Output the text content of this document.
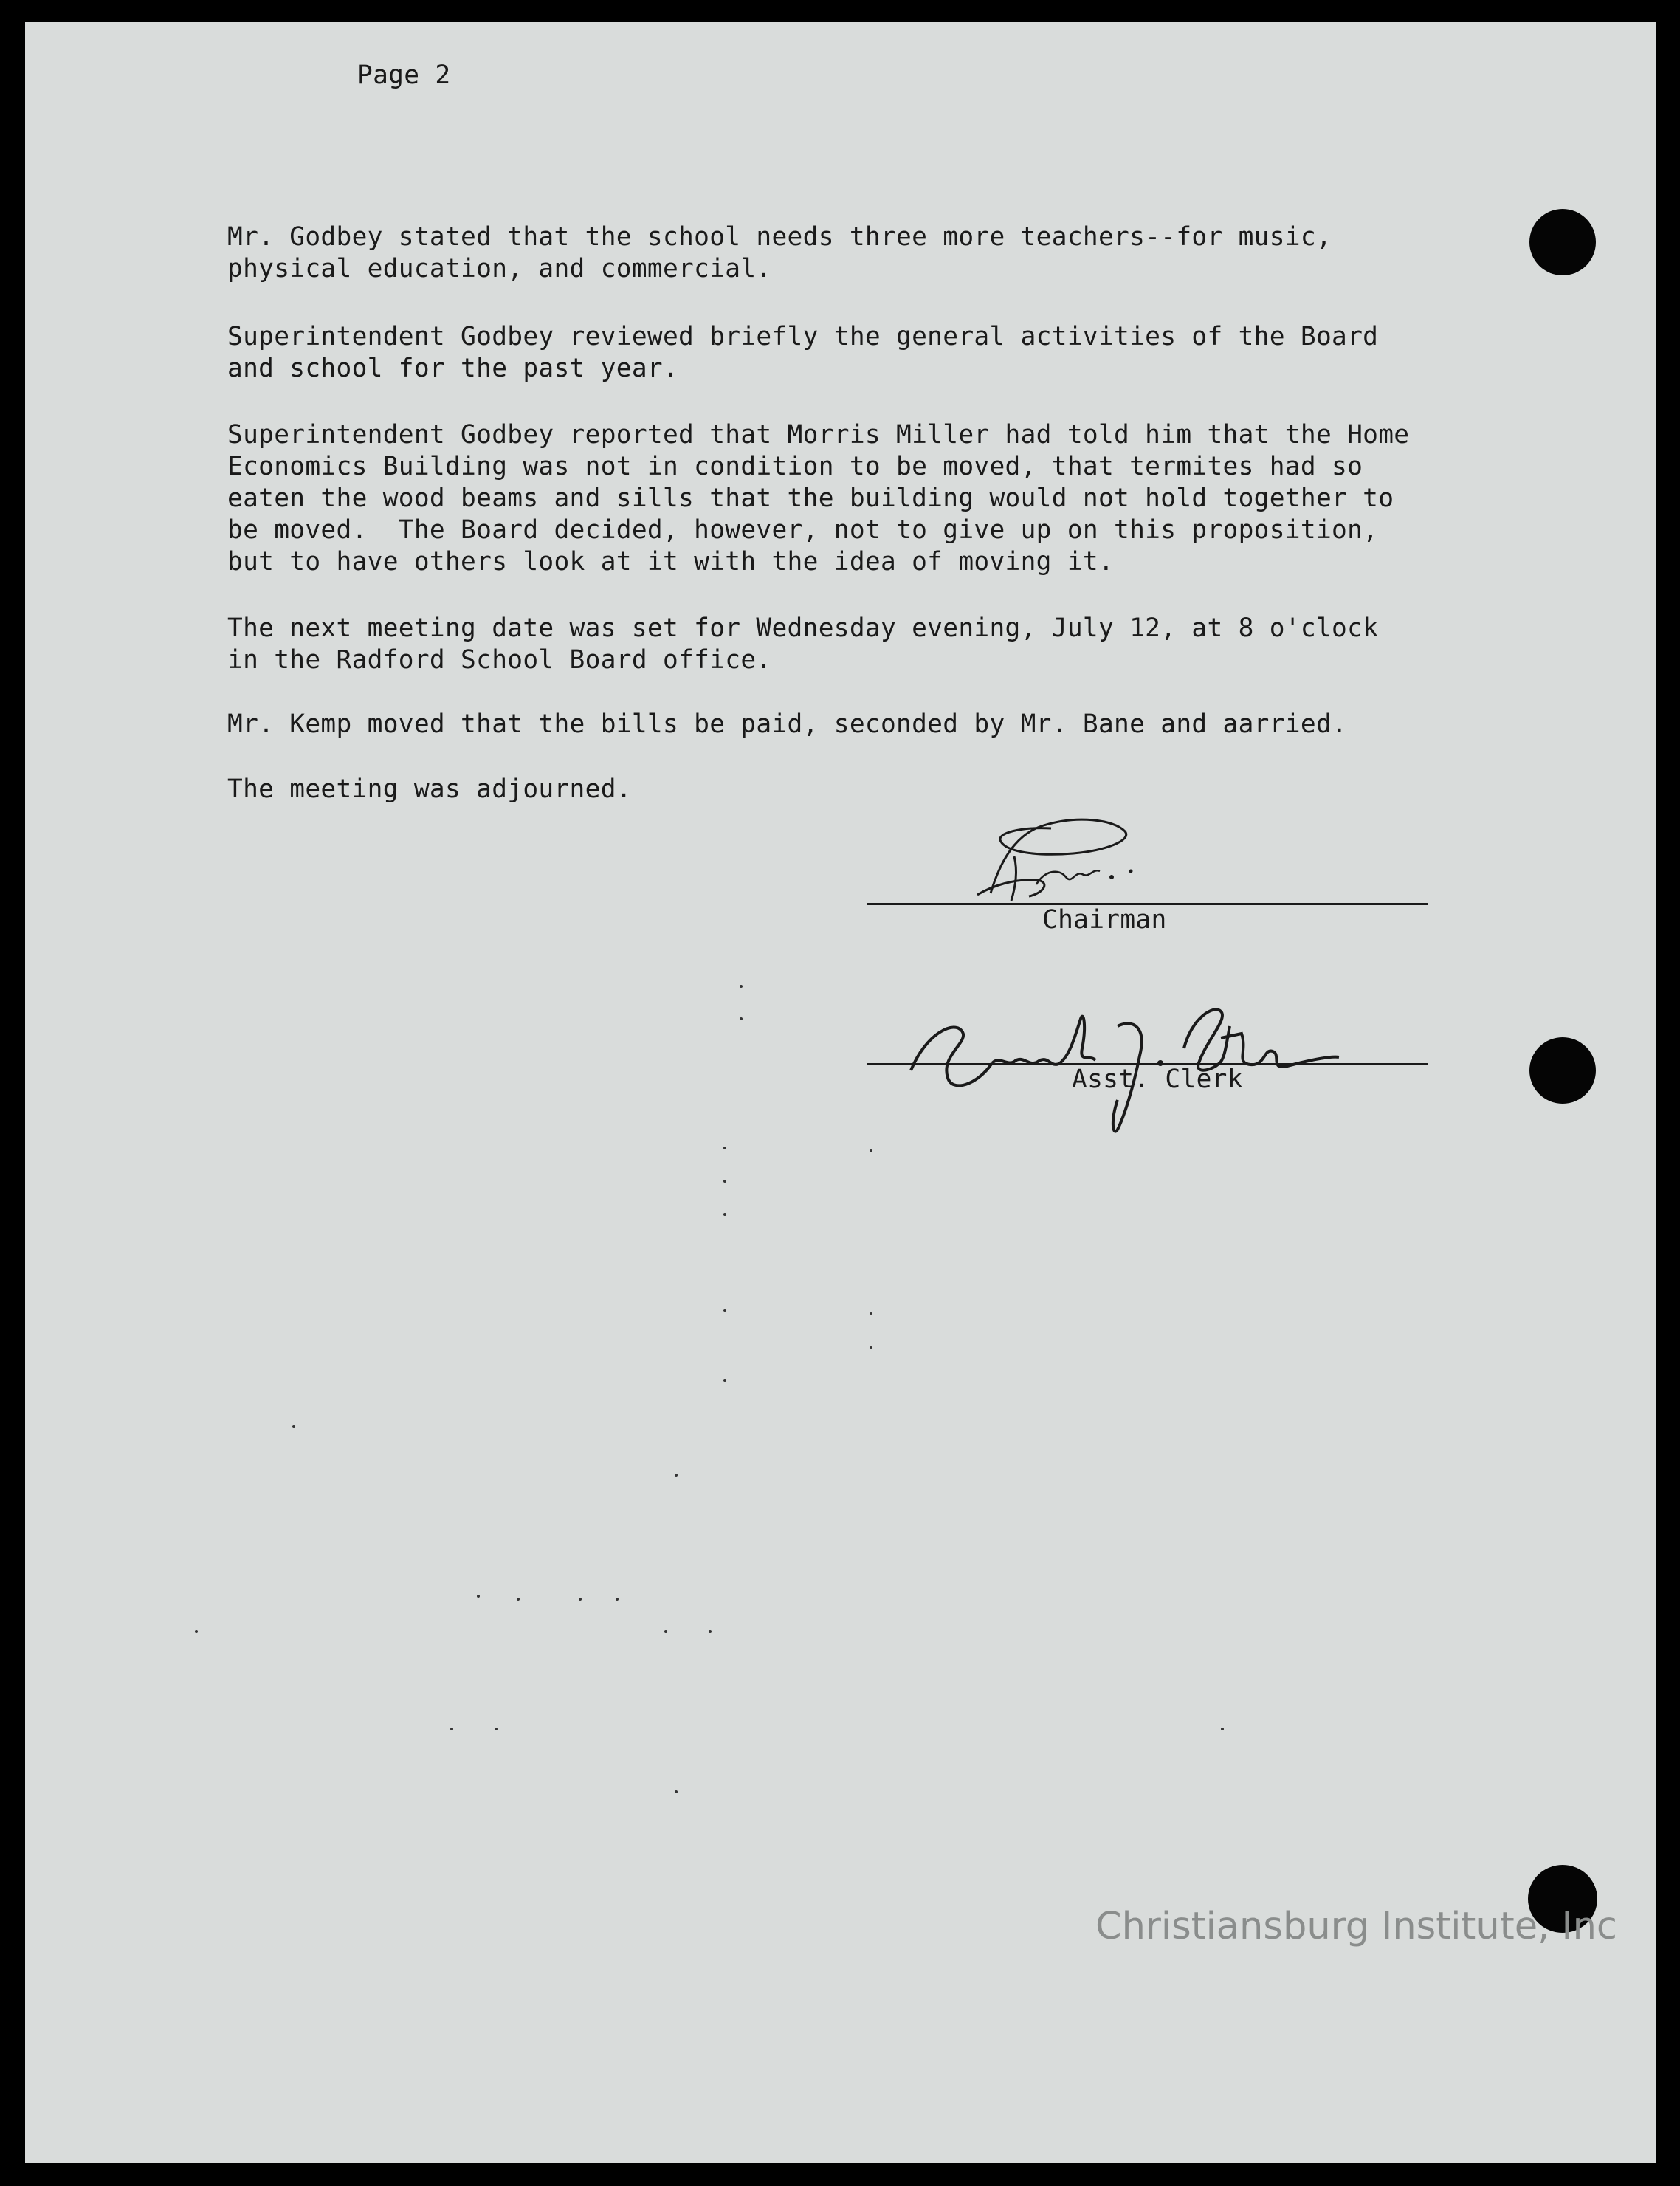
Page 2

Mr. Godbey stated that the school needs three more teachers--for music,
physical education, and commercial.

Superintendent Godbey reviewed briefly the general activities of the Board
and school for the past year.

Superintendent Godbey reported that Morris Miller had told him that the Home
Economics Building was not in condition to be moved, that termites had so
eaten the wood beams and sills that the building would not hold together to
be moved.  The Board decided, however, not to give up on this proposition,
but to have others look at it with the idea of moving it.

The next meeting date was set for Wednesday evening, July 12, at 8 o'clock
in the Radford School Board office.

Mr. Kemp moved that the bills be paid, seconded by Mr. Bane and aarried.

The meeting was adjourned.

Chairman

Asst. Clerk

Christiansburg Institute, Inc
